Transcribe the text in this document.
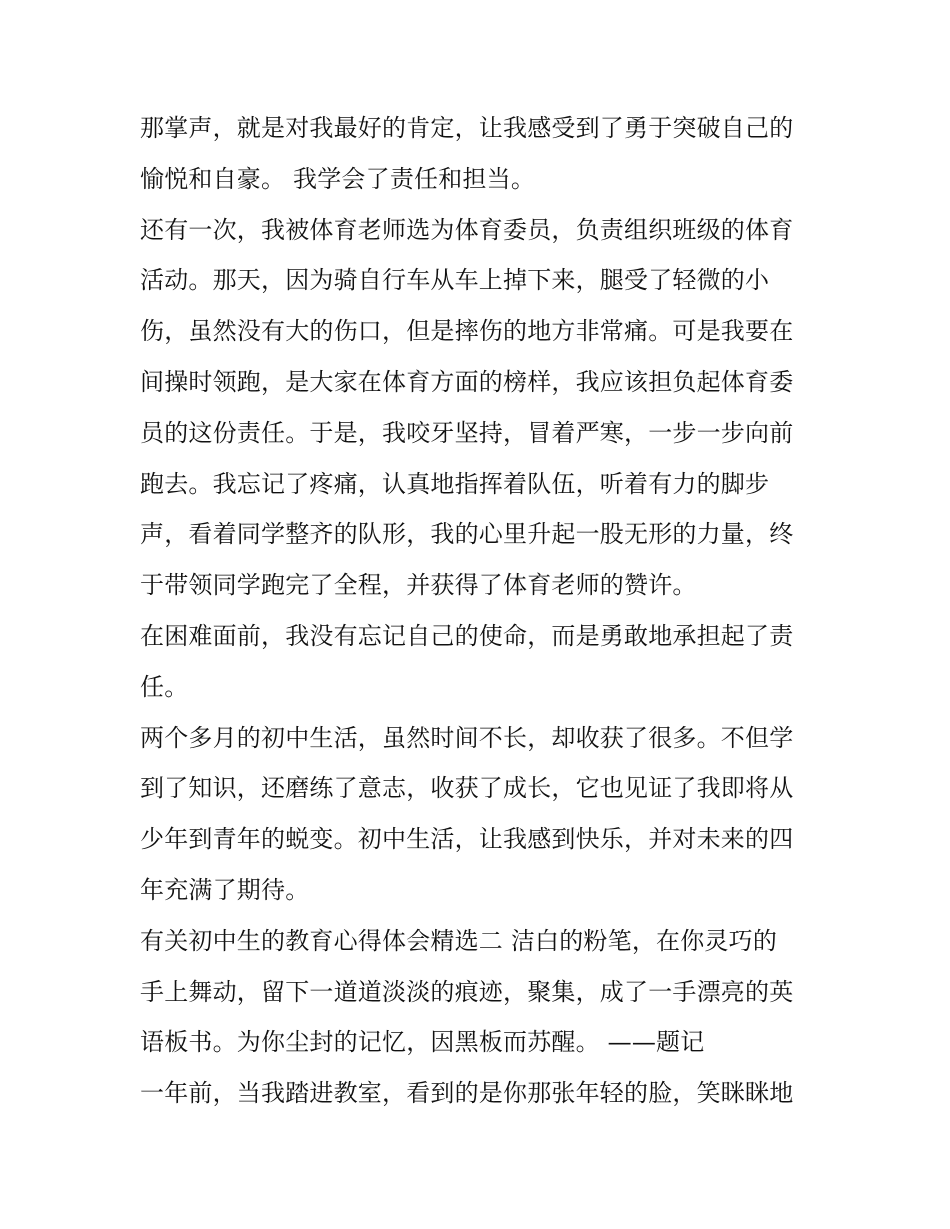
那掌声，就是对我最好的肯定，让我感受到了勇于突破自己的
愉悦和自豪。 我学会了责任和担当。
还有一次，我被体育老师选为体育委员，负责组织班级的体育
活动。那天，因为骑自行车从车上掉下来，腿受了轻微的小
伤，虽然没有大的伤口，但是摔伤的地方非常痛。可是我要在
间操时领跑，是大家在体育方面的榜样，我应该担负起体育委
员的这份责任。于是，我咬牙坚持，冒着严寒，一步一步向前
跑去。我忘记了疼痛，认真地指挥着队伍，听着有力的脚步
声，看着同学整齐的队形，我的心里升起一股无形的力量，终
于带领同学跑完了全程，并获得了体育老师的赞许。
在困难面前，我没有忘记自己的使命，而是勇敢地承担起了责
任。
两个多月的初中生活，虽然时间不长，却收获了很多。不但学
到了知识，还磨练了意志，收获了成长，它也见证了我即将从
少年到青年的蜕变。初中生活，让我感到快乐，并对未来的四
年充满了期待。
有关初中生的教育心得体会精选二 洁白的粉笔，在你灵巧的
手上舞动，留下一道道淡淡的痕迹，聚集，成了一手漂亮的英
语板书。为你尘封的记忆，因黑板而苏醒。 ——题记
一年前，当我踏进教室，看到的是你那张年轻的脸，笑眯眯地
